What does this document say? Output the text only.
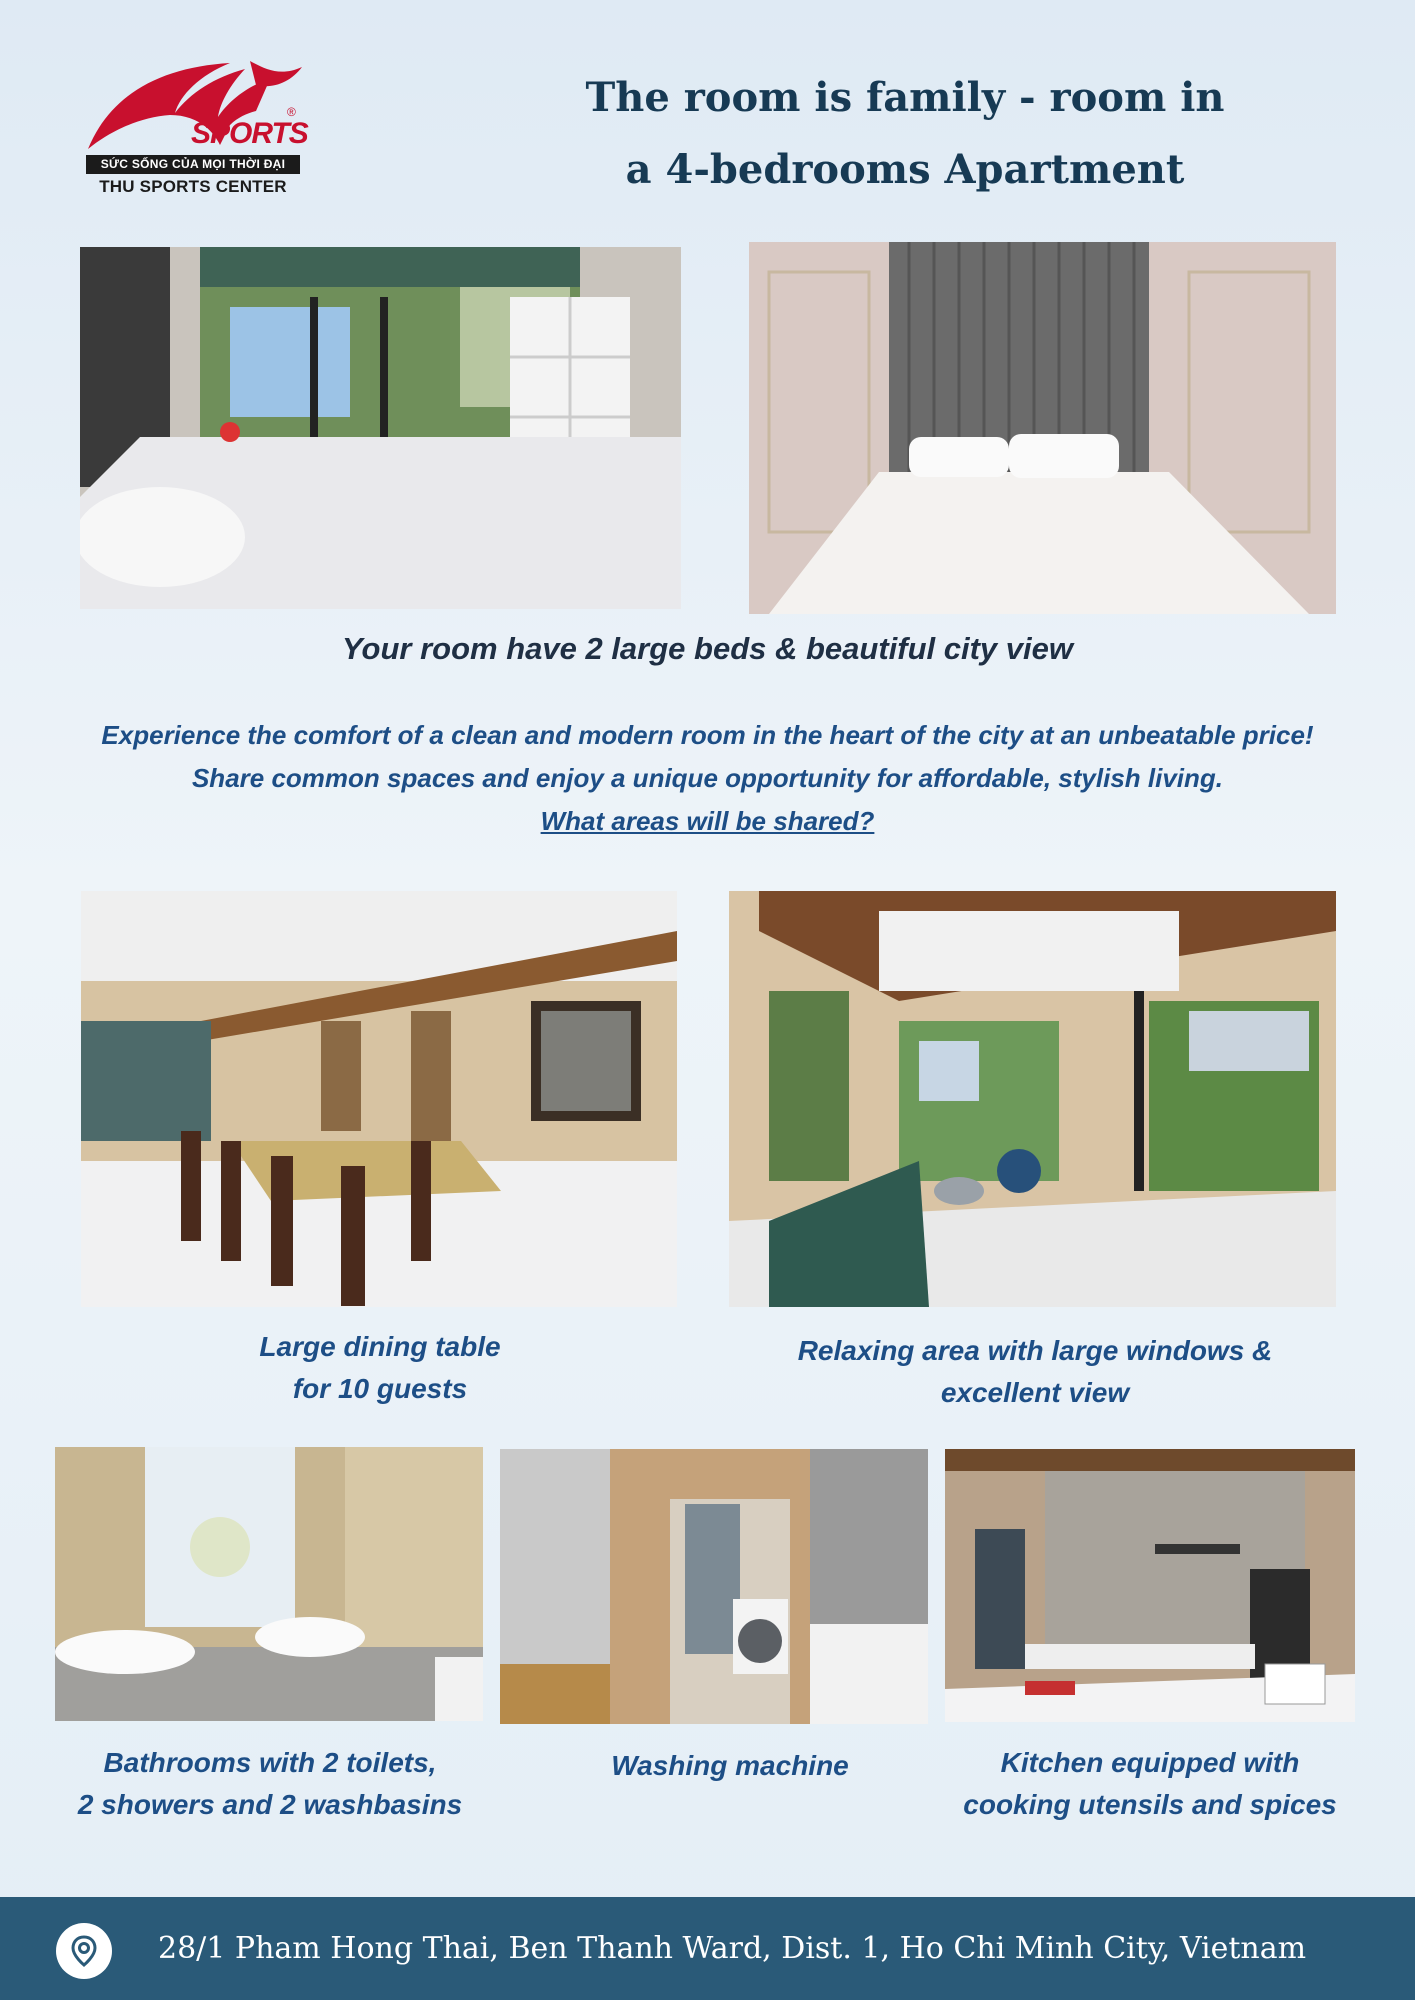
SPORTS
®
SỨC SỐNG CỦA MỌI THỜI ĐẠI
THU SPORTS CENTER
The room is family - room in
a 4-bedrooms Apartment
Your room have 2 large beds & beautiful city view
Experience the comfort of a clean and modern room in the heart of the city at an unbeatable price!
Share common spaces and enjoy a unique opportunity for affordable, stylish living.
What areas will be shared?
Large dining table
for 10 guests
Relaxing area with large windows &
excellent view
Bathrooms with 2 toilets,
2 showers and 2 washbasins
Washing machine	Kitchen equipped with
cooking utensils and spices
28/1 Pham Hong Thai, Ben Thanh Ward, Dist. 1, Ho Chi Minh City, Vietnam
